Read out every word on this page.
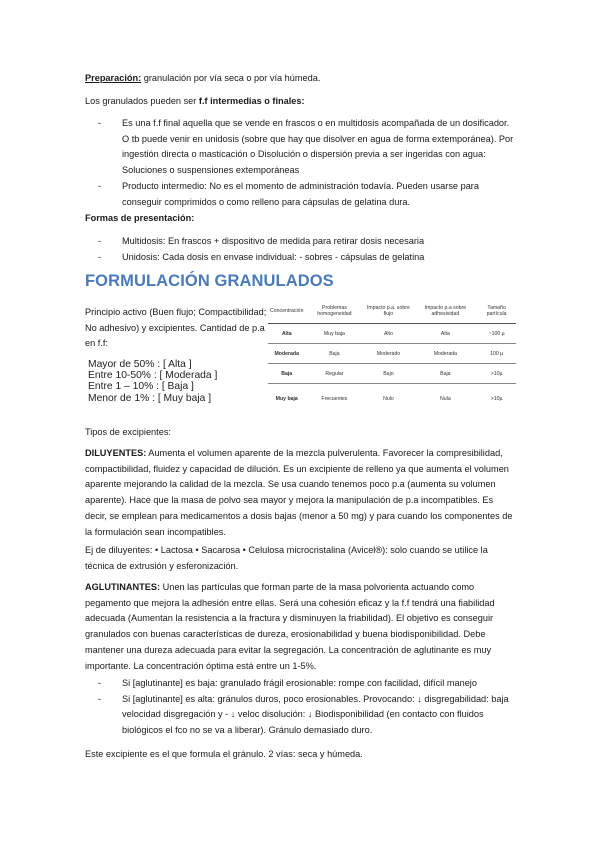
Preparación: granulación por vía seca o por vía húmeda.

Los granulados pueden ser f.f intermedias o finales:

- Es una f.f final aquella que se vende en frascos o en multidosis acompañada de un dosificador. O tb puede venir en unidosis (sobre que hay que disolver en agua de forma extemporánea). Por ingestión directa o masticación o Disolución o dispersión previa a ser ingeridas con agua: Soluciones o suspensiones extemporáneas
- Producto intermedio: No es el momento de administración todavía. Pueden usarse para conseguir comprimidos o como relleno para cápsulas de gelatina dura.

Formas de presentación:

- Multidosis: En frascos + dispositivo de medida para retirar dosis necesaria
- Unidosis: Cada dosis en envase individual: - sobres - cápsulas de gelatina
FORMULACIÓN GRANULADOS

Principio activo (Buen flujo; Compactibilidad; No adhesivo) y excipientes. Cantidad de p.a en f.f:

Mayor de 50% : [ Alta ]
Entre 10-50% : [ Moderada ]
Entre 1 – 10% : [ Baja ]
Menor de 1% : [ Muy baja ]
Concentración	Problemas homogeneidad	Impacto p.a. sobre flujo	Impacto p.a sobre adhesividad	Tamaño partícula
Alta	Muy baja	Alto	Alta	~100 µ
Moderada	Baja	Moderado	Moderada	100 µ
Baja	Regular	Bajo	Baja	>10µ
Muy baja	Frecuentes	Nulo	Nula	>10µ

Tipos de excipientes:

DILUYENTES: Aumenta el volumen aparente de la mezcla pulverulenta. Favorecer la compresibilidad, compactibilidad, fluidez y capacidad de dilución. Es un excipiente de relleno ya que aumenta el volumen aparente mejorando la calidad de la mezcla. Se usa cuando tenemos poco p.a (aumenta su volumen aparente). Hace que la masa de polvo sea mayor y mejora la manipulación de p.a incompatibles. Es decir, se emplean para medicamentos a dosis bajas (menor a 50 mg) y para cuando los componentes de la formulación sean incompatibles.

Ej de diluyentes: • Lactosa • Sacarosa • Celulosa microcristalina (Avicel®): solo cuando se utilice la técnica de extrusión y esferonización.

AGLUTINANTES: Unen las partículas que forman parte de la masa polvorienta actuando como pegamento que mejora la adhesión entre ellas. Será una cohesión eficaz y la f.f tendrá una fiabilidad adecuada (Aumentan la resistencia a la fractura y disminuyen la friabilidad). El objetivo es conseguir granulados con buenas características de dureza, erosionabilidad y buena biodisponibilidad. Debe mantener una dureza adecuada para evitar la segregación. La concentración de aglutinante es muy importante. La concentración óptima está entre un 1-5%.

- Si [aglutinante] es baja: granulado frágil erosionable: rompe con facilidad, difícil manejo
- Si [aglutinante] es alta: gránulos duros, poco erosionables. Provocando: ↓ disgregabilidad: baja velocidad disgregación y - ↓ veloc disolución: ↓ Biodisponibilidad (en contacto con fluidos biológicos el fco no se va a liberar). Gránulo demasiado duro.

Este excipiente es el que formula el gránulo. 2 vías: seca y húmeda.
